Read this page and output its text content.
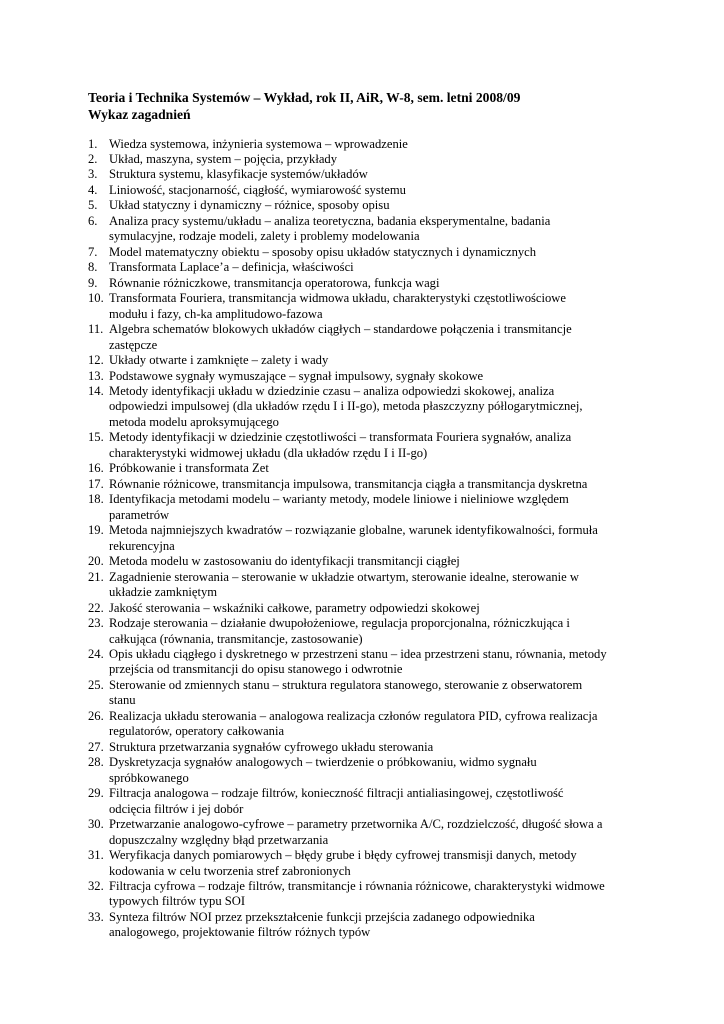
Teoria i Technika Systemów – Wykład, rok II, AiR, W-8, sem. letni 2008/09
Wykaz zagadnień
1. Wiedza systemowa, inżynieria systemowa – wprowadzenie
2. Układ, maszyna, system – pojęcia, przykłady
3. Struktura systemu, klasyfikacje systemów/układów
4. Liniowość, stacjonarność, ciągłość, wymiarowość systemu
5. Układ statyczny i dynamiczny – różnice, sposoby opisu
6. Analiza pracy systemu/układu – analiza teoretyczna, badania eksperymentalne, badania
symulacyjne, rodzaje modeli, zalety i problemy modelowania
7. Model matematyczny obiektu – sposoby opisu układów statycznych i dynamicznych
8. Transformata Laplace’a – definicja, właściwości
9. Równanie różniczkowe, transmitancja operatorowa, funkcja wagi
10. Transformata Fouriera, transmitancja widmowa układu, charakterystyki częstotliwościowe
modułu i fazy, ch-ka amplitudowo-fazowa
11. Algebra schematów blokowych układów ciągłych – standardowe połączenia i transmitancje
zastępcze
12. Układy otwarte i zamknięte – zalety i wady
13. Podstawowe sygnały wymuszające – sygnał impulsowy, sygnały skokowe
14. Metody identyfikacji układu w dziedzinie czasu – analiza odpowiedzi skokowej, analiza
odpowiedzi impulsowej (dla układów rzędu I i II-go), metoda płaszczyzny półlogarytmicznej,
metoda modelu aproksymującego
15. Metody identyfikacji w dziedzinie częstotliwości – transformata Fouriera sygnałów, analiza
charakterystyki widmowej układu (dla układów rzędu I i II-go)
16. Próbkowanie i transformata Zet
17. Równanie różnicowe, transmitancja impulsowa, transmitancja ciągła a transmitancja dyskretna
18. Identyfikacja metodami modelu – warianty metody, modele liniowe i nieliniowe względem
parametrów
19. Metoda najmniejszych kwadratów – rozwiązanie globalne, warunek identyfikowalności, formuła
rekurencyjna
20. Metoda modelu w zastosowaniu do identyfikacji transmitancji ciągłej
21. Zagadnienie sterowania – sterowanie w układzie otwartym, sterowanie idealne, sterowanie w
układzie zamkniętym
22. Jakość sterowania – wskaźniki całkowe, parametry odpowiedzi skokowej
23. Rodzaje sterowania – działanie dwupołożeniowe, regulacja proporcjonalna, różniczkująca i
całkująca (równania, transmitancje, zastosowanie)
24. Opis układu ciągłego i dyskretnego w przestrzeni stanu – idea przestrzeni stanu, równania, metody
przejścia od transmitancji do opisu stanowego i odwrotnie
25. Sterowanie od zmiennych stanu – struktura regulatora stanowego, sterowanie z obserwatorem
stanu
26. Realizacja układu sterowania – analogowa realizacja członów regulatora PID, cyfrowa realizacja
regulatorów, operatory całkowania
27. Struktura przetwarzania sygnałów cyfrowego układu sterowania
28. Dyskretyzacja sygnałów analogowych – twierdzenie o próbkowaniu, widmo sygnału
spróbkowanego
29. Filtracja analogowa – rodzaje filtrów, konieczność filtracji antialiasingowej, częstotliwość
odcięcia filtrów i jej dobór
30. Przetwarzanie analogowo-cyfrowe – parametry przetwornika A/C, rozdzielczość, długość słowa a
dopuszczalny względny błąd przetwarzania
31. Weryfikacja danych pomiarowych – błędy grube i błędy cyfrowej transmisji danych, metody
kodowania w celu tworzenia stref zabronionych
32. Filtracja cyfrowa – rodzaje filtrów, transmitancje i równania różnicowe, charakterystyki widmowe
typowych filtrów typu SOI
33. Synteza filtrów NOI przez przekształcenie funkcji przejścia zadanego odpowiednika
analogowego, projektowanie filtrów różnych typów
